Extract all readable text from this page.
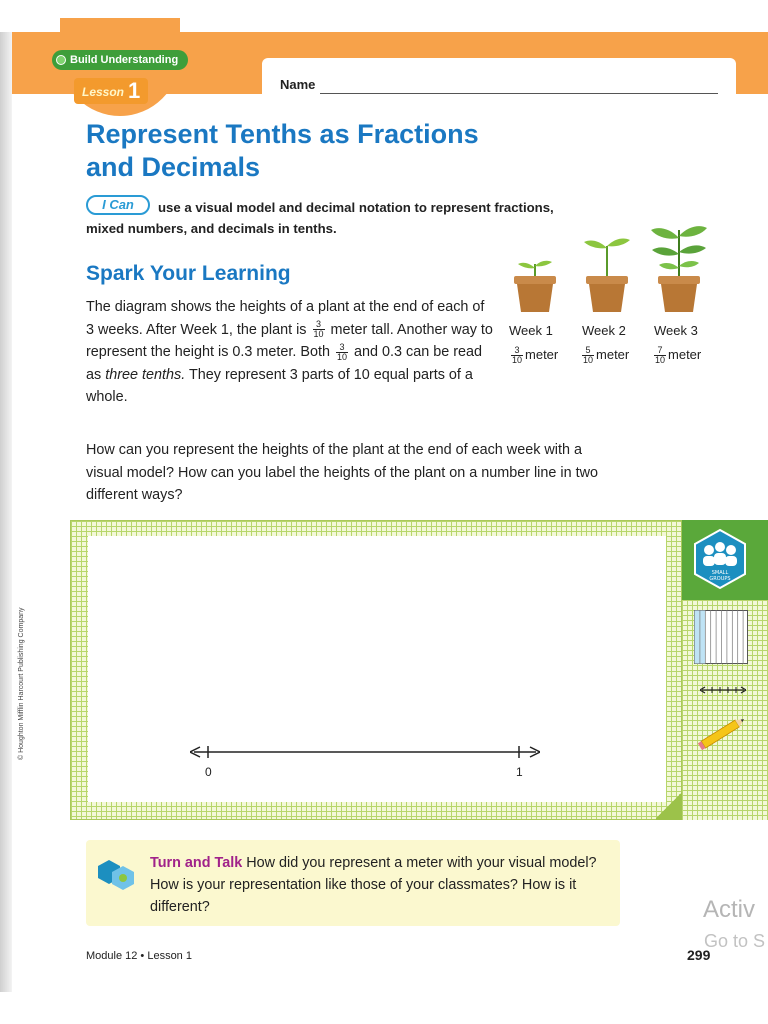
Build Understanding
Lesson 1	Name
Represent Tenths as Fractions
and Decimals
I Can	use a visual model and decimal notation to represent fractions, mixed numbers, and decimals in tenths.
Spark Your Learning
The diagram shows the heights of a plant at the end of each of 3 weeks. After Week 1, the plant is $\frac{3}{10}$ meter tall. Another way to represent the height is 0.3 meter. Both $\frac{3}{10}$ and 0.3 can be read as three tenths. They represent 3 parts of 10 equal parts of a whole.
Week 1 Week 2 Week 3
$\frac{3}{10}$ meter	$\frac{5}{10}$ meter	$\frac{7}{10}$ meter
How can you represent the heights of the plant at the end of each week with a visual model? How can you label the heights of the plant on a number line in two different ways?
0	1
SMALL
GROUPS
© Houghton Mifflin Harcourt Publishing Company
Turn and Talk How did you represent a meter with your visual model? How is your representation like those of your classmates? How is it different?
Module 12 • Lesson 1	299
Activ
Go to S
